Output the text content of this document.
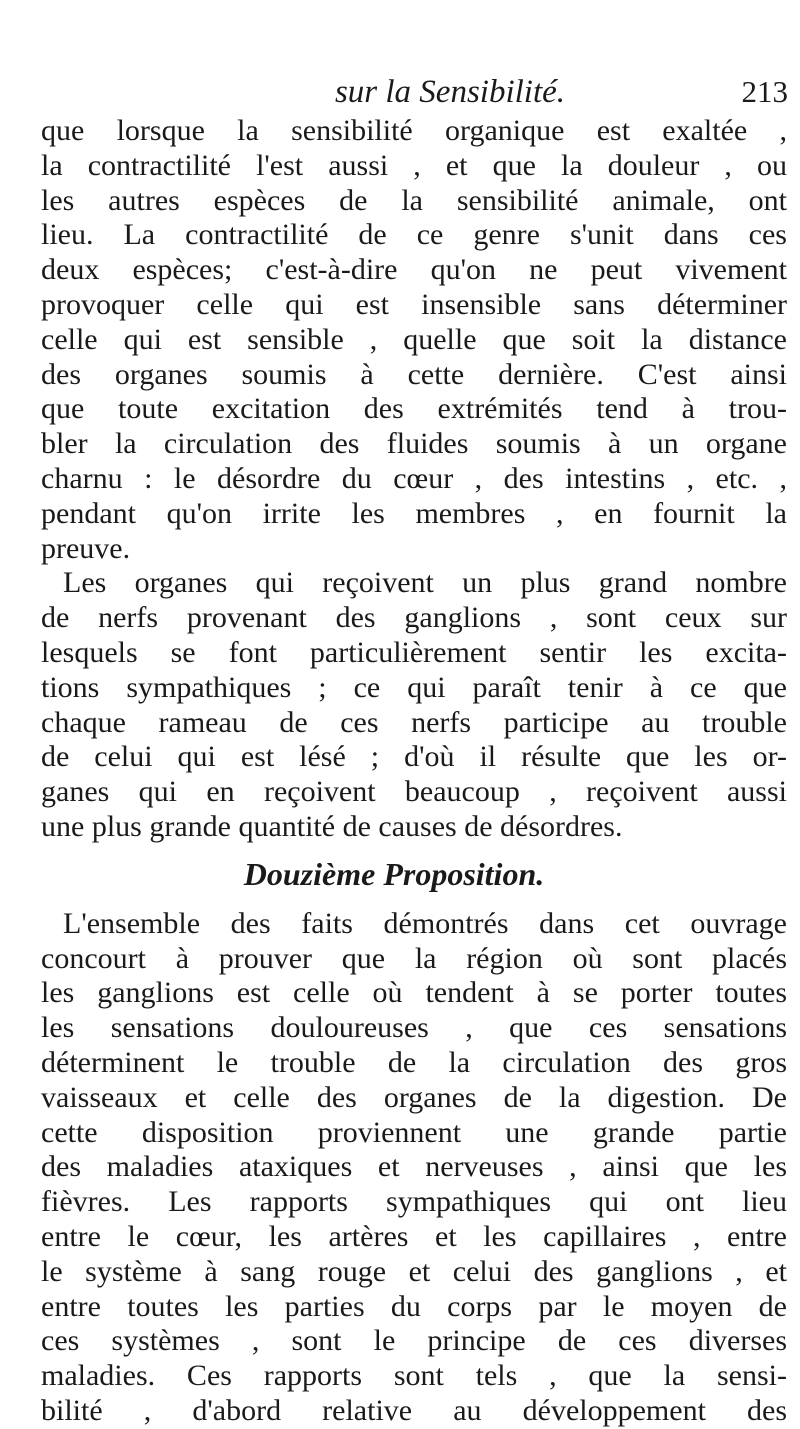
sur la Sensibilité.	213
que lorsque la sensibilité organique est exaltée ,
la contractilité l'est aussi , et que la douleur , ou
les autres espèces de la sensibilité animale, ont
lieu. La contractilité de ce genre s'unit dans ces
deux espèces; c'est-à-dire qu'on ne peut vivement
provoquer celle qui est insensible sans déterminer
celle qui est sensible , quelle que soit la distance
des organes soumis à cette dernière. C'est ainsi
que toute excitation des extrémités tend à trou-
bler la circulation des fluides soumis à un organe
charnu : le désordre du cœur , des intestins , etc. ,
pendant qu'on irrite les membres , en fournit la
preuve.
Les organes qui reçoivent un plus grand nombre
de nerfs provenant des ganglions , sont ceux sur
lesquels se font particulièrement sentir les excita-
tions sympathiques ; ce qui paraît tenir à ce que
chaque rameau de ces nerfs participe au trouble
de celui qui est lésé ; d'où il résulte que les or-
ganes qui en reçoivent beaucoup , reçoivent aussi
une plus grande quantité de causes de désordres.
Douzième Proposition.
L'ensemble des faits démontrés dans cet ouvrage
concourt à prouver que la région où sont placés
les ganglions est celle où tendent à se porter toutes
les sensations douloureuses , que ces sensations
déterminent le trouble de la circulation des gros
vaisseaux et celle des organes de la digestion. De
cette disposition proviennent une grande partie
des maladies ataxiques et nerveuses , ainsi que les
fièvres. Les rapports sympathiques qui ont lieu
entre le cœur, les artères et les capillaires , entre
le système à sang rouge et celui des ganglions , et
entre toutes les parties du corps par le moyen de
ces systèmes , sont le principe de ces diverses
maladies. Ces rapports sont tels , que la sensi-
bilité , d'abord relative au développement des
